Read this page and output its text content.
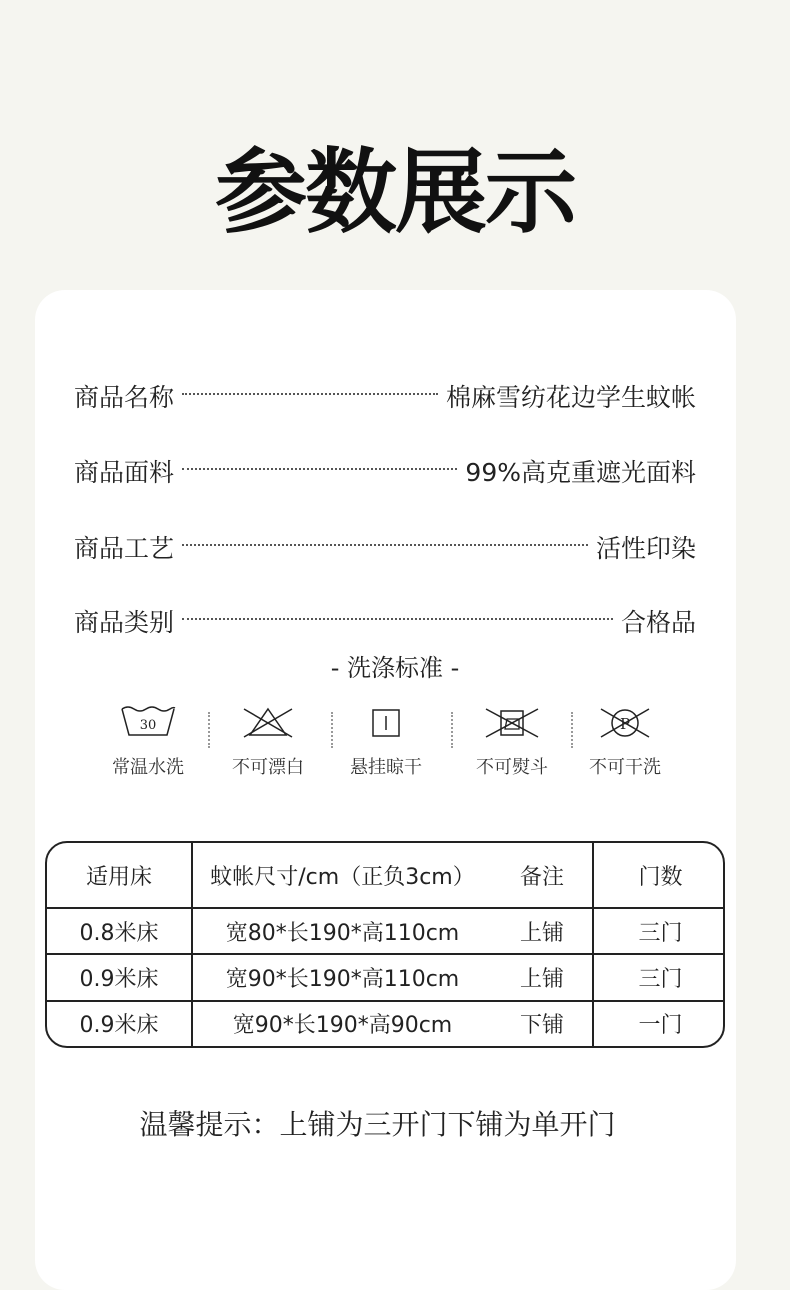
参数展示
商品名称	棉麻雪纺花边学生蚊帐
商品面料	99%高克重遮光面料
商品工艺	活性印染
商品类别	合格品
- 洗涤标准 -
30
常温水洗	不可漂白	悬挂晾干	不可熨斗
P
不可干洗
适用床	蚊帐尺寸/cm（正负3cm）	备注	门数
0.8米床	宽80*长190*高110cm	上铺	三门
0.9米床	宽90*长190*高110cm	上铺	三门
0.9米床	宽90*长190*高90cm	下铺	一门
温馨提示：上铺为三开门下铺为单开门
